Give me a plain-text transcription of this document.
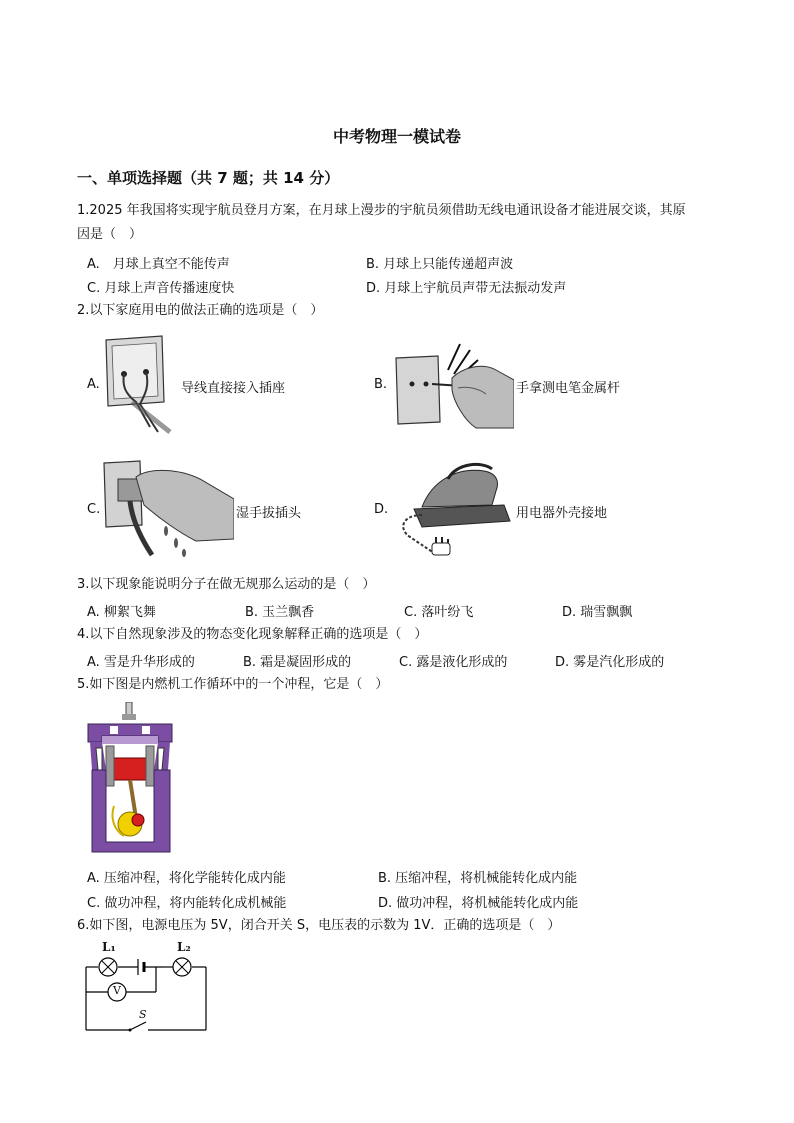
中考物理一模试卷
一、单项选择题（共 7 题；共 14 分）
1.2025 年我国将实现宇航员登月方案，在月球上漫步的宇航员须借助无线电通讯设备才能进展交谈，其原
因是（　）
A.　月球上真空不能传声	B. 月球上只能传递超声波
C. 月球上声音传播速度快	D. 月球上宇航员声带无法振动发声
2.以下家庭用电的做法正确的选项是（　）
A.	导线直接接入插座	B.	手拿测电笔金属杆
C.	湿手拔插头	D.	用电器外壳接地
3.以下现象能说明分子在做无规那么运动的是（　）
A. 柳絮飞舞	B. 玉兰飘香	C. 落叶纷飞	D. 瑞雪飘飘
4.以下自然现象涉及的物态变化现象解释正确的选项是（　）
A. 雪是升华形成的	B. 霜是凝固形成的	C. 露是液化形成的	D. 雾是汽化形成的
5.如下图是内燃机工作循环中的一个冲程，它是（　）
A. 压缩冲程，将化学能转化成内能	B. 压缩冲程，将机械能转化成内能
C. 做功冲程，将内能转化成机械能	D. 做功冲程，将机械能转化成内能
6.如下图，电源电压为 5V，闭合开关 S，电压表的示数为 1V．正确的选项是（　）
L₁	L₂
V
S
